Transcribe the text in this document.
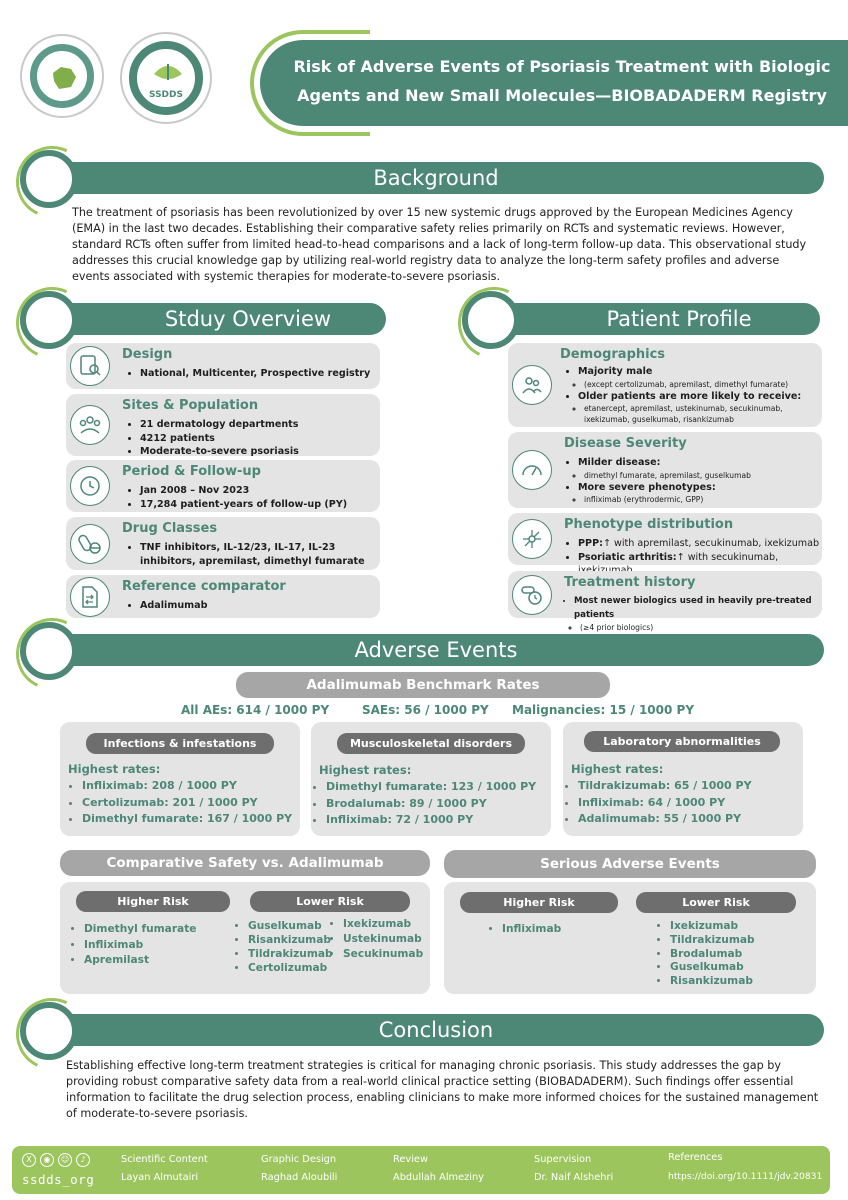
SSDDS
Risk of Adverse Events of Psoriasis Treatment with Biologic
Agents and New Small Molecules—BIOBADADERM Registry
Background
The treatment of psoriasis has been revolutionized by over 15 new systemic drugs approved by the European Medicines Agency (EMA) in the last two decades. Establishing their comparative safety relies primarily on RCTs and systematic reviews. However, standard RCTs often suffer from limited head-to-head comparisons and a lack of long-term follow-up data. This observational study addresses this crucial knowledge gap by utilizing real-world registry data to analyze the long-term safety profiles and adverse events associated with systemic therapies for moderate-to-severe psoriasis.
Stduy Overview
Design
• National, Multicenter, Prospective registry
Sites & Population
• 21 dermatology departments
• 4212 patients
• Moderate-to-severe psoriasis
Period & Follow-up
• Jan 2008 – Nov 2023
• 17,284 patient-years of follow-up (PY)
Drug Classes
• TNF inhibitors, IL-12/23, IL-17, IL-23 inhibitors, apremilast, dimethyl fumarate
Reference comparator
• Adalimumab
Patient Profile
Demographics
• Majority male
◦ (except certolizumab, apremilast, dimethyl fumarate)
• Older patients are more likely to receive:
◦ etanercept, apremilast, ustekinumab, secukinumab,
ixekizumab, guselkumab, risankizumab
Disease Severity
• Milder disease:
◦ dimethyl fumarate, apremilast, guselkumab
• More severe phenotypes:
◦ infliximab (erythrodermic, GPP)
Phenotype distribution
• PPP:↑ with apremilast, secukinumab, ixekizumab
• Psoriatic arthritis:↑ with secukinumab,
Treatment history
• Most newer biologics used in heavily pre-treated patients
◦ (≥4 prior biologics)
Adverse Events
Adalimumab Benchmark Rates
All AEs: 614 / 1000 PY	SAEs: 56 / 1000 PY Malignancies: 15 / 1000 PY
Infections & infestations
Highest rates:
• Infliximab: 208 / 1000 PY
• Certolizumab: 201 / 1000 PY
• Dimethyl fumarate: 167 / 1000 PY
Musculoskeletal disorders
Highest rates:
• Dimethyl fumarate: 123 / 1000 PY
• Brodalumab: 89 / 1000 PY
• Infliximab: 72 / 1000 PY
Laboratory abnormalities
Highest rates:
• Tildrakizumab: 65 / 1000 PY
• Infliximab: 64 / 1000 PY
• Adalimumab: 55 / 1000 PY
Comparative Safety vs. Adalimumab
Higher Risk	Lower Risk
• Dimethyl fumarate
• Infliximab
• Apremilast
• Guselkumab
• Risankizumab
• Tildrakizumab
• Certolizumab
• Ixekizumab
• Ustekinumab
• Secukinumab
Serious Adverse Events
Higher Risk	Lower Risk
• Infliximab
•	Ixekizumab
• Tildrakizumab
• Brodalumab
• Guselkumab
• Risankizumab
Conclusion
Establishing effective long-term treatment strategies is critical for managing chronic psoriasis. This study addresses the gap by providing robust comparative safety data from a real-world clinical practice setting (BIOBADADERM). Such findings offer essential information to facilitate the drug selection process, enabling clinicians to make more informed choices for the sustained management of moderate-to-severe psoriasis.
X	◉	☺	♪
ssdds_org
Scientific Content
Layan Almutairi
Graphic Design
Raghad Aloubili
Review
Abdullah Almeziny
Supervision
Dr. Naif Alshehri
References
https://doi.org/10.1111/jdv.20831
